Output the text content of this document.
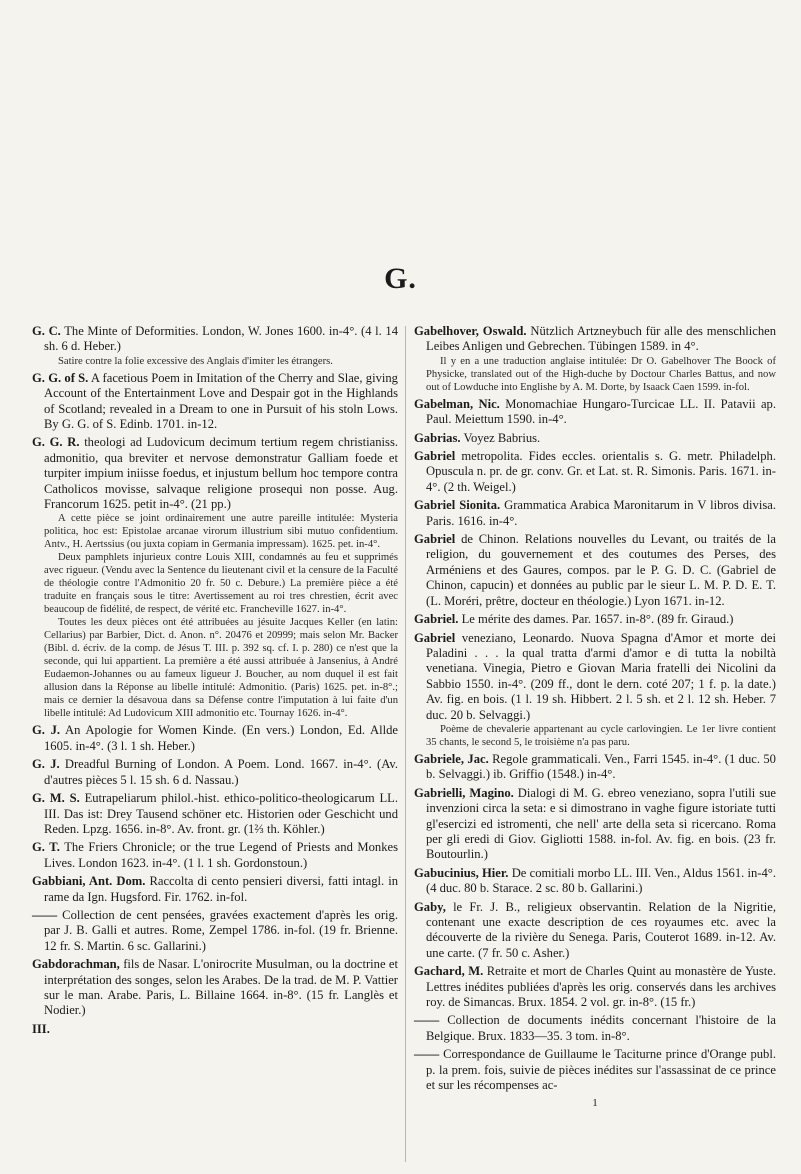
G.

G. C. The Minte of Deformities. London, W. Jones 1600. in-4°. (4 l. 14 sh. 6 d. Heber.)

Satire contre la folie excessive des Anglais d'imiter les étrangers.

G. G. of S. A facetious Poem in Imitation of the Cherry and Slae, giving Account of the Entertainment Love and Despair got in the Highlands of Scotland; revealed in a Dream to one in Pursuit of his stoln Lows. By G. G. of S. Edinb. 1701. in-12.

G. G. R. theologi ad Ludovicum decimum tertium regem christianiss. admonitio, qua breviter et nervose demonstratur Galliam foede et turpiter impium iniisse foedus, et injustum bellum hoc tempore contra Catholicos movisse, salvaque religione prosequi non posse. Aug. Francorum 1625. petit in-4°. (21 pp.)

A cette pièce se joint ordinairement une autre pareille intitulée: Mysteria politica, hoc est: Epistolae arcanae virorum illustrium sibi mutuo confidentium. Antv., H. Aertssius (ou juxta copiam in Germania impressam). 1625. pet. in-4°.

Deux pamphlets injurieux contre Louis XIII, condamnés au feu et supprimés avec rigueur. (Vendu avec la Sentence du lieutenant civil et la censure de la Faculté de théologie contre l'Admonitio 20 fr. 50 c. Debure.) La première pièce a été traduite en français sous le titre: Avertissement au roi tres chrestien, écrit avec beaucoup de fidélité, de respect, de vérité etc. Francheville 1627. in-4°.

Toutes les deux pièces ont été attribuées au jésuite Jacques Keller (en latin: Cellarius) par Barbier, Dict. d. Anon. n°. 20476 et 20999; mais selon Mr. Backer (Bibl. d. écriv. de la comp. de Jésus T. III. p. 392 sq. cf. I. p. 280) ce n'est que la seconde, qui lui appartient. La première a été aussi attribuée à Jansenius, à André Eudaemon-Johannes ou au fameux ligueur J. Boucher, au nom duquel il est fait allusion dans la Réponse au libelle intitulé: Admonitio. (Paris) 1625. pet. in-8°.; mais ce dernier la désavoua dans sa Défense contre l'imputation à lui faite d'un libelle intitulé: Ad Ludovicum XIII admonitio etc. Tournay 1626. in-4°.

G. J. An Apologie for Women Kinde. (En vers.) London, Ed. Allde 1605. in-4°. (3 l. 1 sh. Heber.)

G. J. Dreadful Burning of London. A Poem. Lond. 1667. in-4°. (Av. d'autres pièces 5 l. 15 sh. 6 d. Nassau.)

G. M. S. Eutrapeliarum philol.-hist. ethico-politico-theologicarum LL. III. Das ist: Drey Tausend schöner etc. Historien oder Geschicht und Reden. Lpzg. 1656. in-8°. Av. front. gr. (1⅔ th. Köhler.)

G. T. The Friers Chronicle; or the true Legend of Priests and Monkes Lives. London 1623. in-4°. (1 l. 1 sh. Gordonstoun.)

Gabbiani, Ant. Dom. Raccolta di cento pensieri diversi, fatti intagl. in rame da Ign. Hugsford. Fir. 1762. in-fol.

—— Collection de cent pensées, gravées exactement d'après les orig. par J. B. Galli et autres. Rome, Zempel 1786. in-fol. (19 fr. Brienne. 12 fr. S. Martin. 6 sc. Gallarini.)

Gabdorachman, fils de Nasar. L'onirocrite Musulman, ou la doctrine et interprétation des songes, selon les Arabes. De la trad. de M. P. Vattier sur le man. Arabe. Paris, L. Billaine 1664. in-8°. (15 fr. Langlès et Nodier.)

III.

Gabelhover, Oswald. Nützlich Artzneybuch für alle des menschlichen Leibes Anligen und Gebrechen. Tübingen 1589. in 4°.

Il y en a une traduction anglaise intitulée: Dr O. Gabelhover The Boock of Physicke, translated out of the High-duche by Doctour Charles Battus, and now out of Lowduche into Englishe by A. M. Dorte, by Isaack Caen 1599. in-fol.

Gabelman, Nic. Monomachiae Hungaro-Turcicae LL. II. Patavii ap. Paul. Meiettum 1590. in-4°.

Gabrias. Voyez Babrius.

Gabriel metropolita. Fides eccles. orientalis s. G. metr. Philadelph. Opuscula n. pr. de gr. conv. Gr. et Lat. st. R. Simonis. Paris. 1671. in-4°. (2 th. Weigel.)

Gabriel Sionita. Grammatica Arabica Maronitarum in V libros divisa. Paris. 1616. in-4°.

Gabriel de Chinon. Relations nouvelles du Levant, ou traités de la religion, du gouvernement et des coutumes des Perses, des Arméniens et des Gaures, compos. par le P. G. D. C. (Gabriel de Chinon, capucin) et données au public par le sieur L. M. P. D. E. T. (L. Moréri, prêtre, docteur en théologie.) Lyon 1671. in-12.

Gabriel. Le mérite des dames. Par. 1657. in-8°. (89 fr. Giraud.)

Gabriel veneziano, Leonardo. Nuova Spagna d'Amor et morte dei Paladini . . . la qual tratta d'armi d'amor e di tutta la nobiltà venetiana. Vinegia, Pietro e Giovan Maria fratelli dei Nicolini da Sabbio 1550. in-4°. (209 ff., dont le dern. coté 207; 1 f. p. la date.) Av. fig. en bois. (1 l. 19 sh. Hibbert. 2 l. 5 sh. et 2 l. 12 sh. Heber. 7 duc. 20 b. Selvaggi.)

Poème de chevalerie appartenant au cycle carlovingien. Le 1er livre contient 35 chants, le second 5, le troisième n'a pas paru.

Gabriele, Jac. Regole grammaticali. Ven., Farri 1545. in-4°. (1 duc. 50 b. Selvaggi.) ib. Griffio (1548.) in-4°.

Gabrielli, Magino. Dialogi di M. G. ebreo veneziano, sopra l'utili sue invenzioni circa la seta: e si dimostrano in vaghe figure istoriate tutti gl'esercizi ed istromenti, che nell' arte della seta si ricercano. Roma per gli eredi di Giov. Gigliotti 1588. in-fol. Av. fig. en bois. (23 fr. Boutourlin.)

Gabucinius, Hier. De comitiali morbo LL. III. Ven., Aldus 1561. in-4°. (4 duc. 80 b. Starace. 2 sc. 80 b. Gallarini.)

Gaby, le Fr. J. B., religieux observantin. Relation de la Nigritie, contenant une exacte description de ces royaumes etc. avec la découverte de la rivière du Senega. Paris, Couterot 1689. in-12. Av. une carte. (7 fr. 50 c. Asher.)

Gachard, M. Retraite et mort de Charles Quint au monastère de Yuste. Lettres inédites publiées d'après les orig. conservés dans les archives roy. de Simancas. Brux. 1854. 2 vol. gr. in-8°. (15 fr.)

—— Collection de documents inédits concernant l'histoire de la Belgique. Brux. 1833—35. 3 tom. in-8°.

—— Correspondance de Guillaume le Taciturne prince d'Orange publ. p. la prem. fois, suivie de pièces inédites sur l'assassinat de ce prince et sur les récompenses ac-

1
